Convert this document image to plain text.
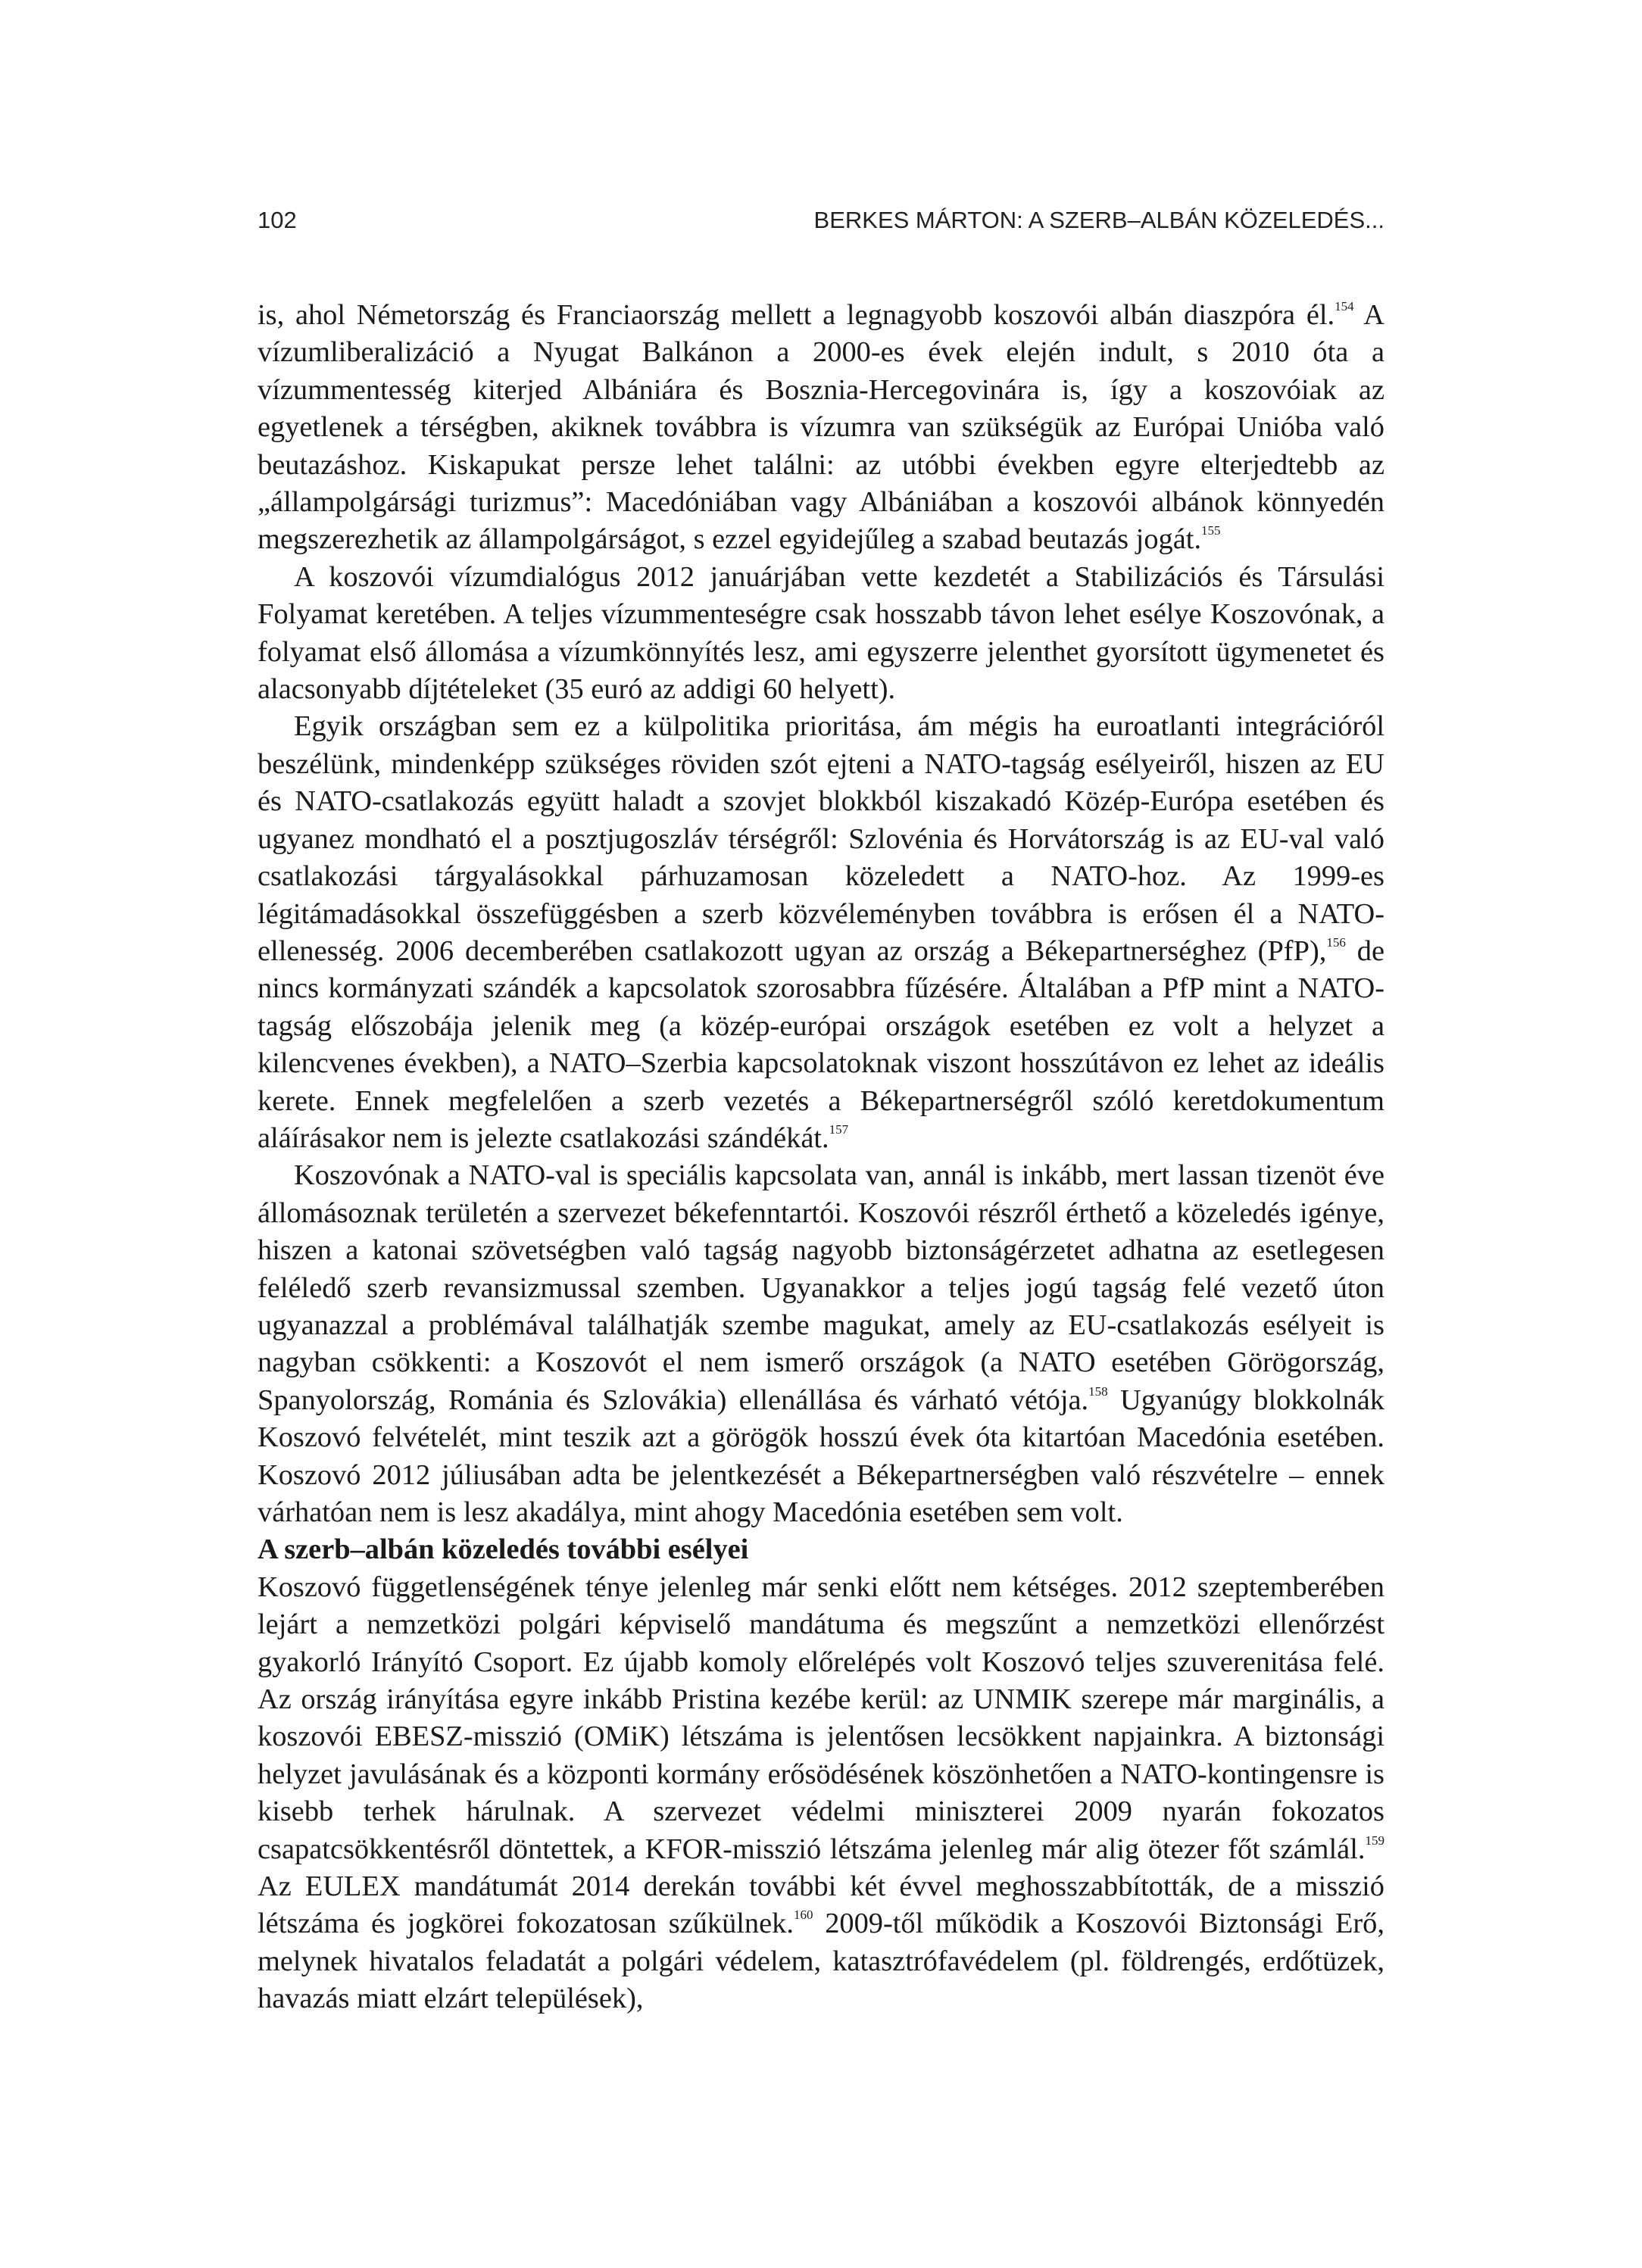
102	BERKES MÁRTON: A SZERB–ALBÁN KÖZELEDÉS...

is, ahol Németország és Franciaország mellett a legnagyobb koszovói albán diaszpóra él.$^{154}$ A vízumliberalizáció a Nyugat Balkánon a 2000-es évek elején indult, s 2010 óta a vízummentesség kiterjed Albániára és Bosznia-Hercegovinára is, így a koszovóiak az egyetlenek a térségben, akiknek továbbra is vízumra van szükségük az Európai Unióba való beutazáshoz. Kiskapukat persze lehet találni: az utóbbi években egyre elterjedtebb az „állampolgársági turizmus”: Macedóniában vagy Albániában a koszovói albánok könnyedén megszerezhetik az állampolgárságot, s ezzel egyidejűleg a szabad beutazás jogát.$^{155}$

A koszovói vízumdialógus 2012 januárjában vette kezdetét a Stabilizációs és Társulási Folyamat keretében. A teljes vízummenteségre csak hosszabb távon lehet esélye Koszovónak, a folyamat első állomása a vízumkönnyítés lesz, ami egyszerre jelenthet gyorsított ügymenetet és alacsonyabb díjtételeket (35 euró az addigi 60 helyett).

Egyik országban sem ez a külpolitika prioritása, ám mégis ha euroatlanti integrációról beszélünk, mindenképp szükséges röviden szót ejteni a NATO-tagság esélyeiről, hiszen az EU és NATO-csatlakozás együtt haladt a szovjet blokkból kiszakadó Közép-Európa esetében és ugyanez mondható el a posztjugoszláv térségről: Szlovénia és Horvátország is az EU-val való csatlakozási tárgyalásokkal párhuzamosan közeledett a NATO-hoz. Az 1999-es légitámadásokkal összefüggésben a szerb közvéleményben továbbra is erősen él a NATO-ellenesség. 2006 decemberében csatlakozott ugyan az ország a Békepartnerséghez (PfP),$^{156}$ de nincs kormányzati szándék a kapcsolatok szorosabbra fűzésére. Általában a PfP mint a NATO-tagság előszobája jelenik meg (a közép-európai országok esetében ez volt a helyzet a kilencvenes években), a NATO–Szerbia kapcsolatoknak viszont hosszútávon ez lehet az ideális kerete. Ennek megfelelően a szerb vezetés a Békepartnerségről szóló keretdokumentum aláírásakor nem is jelezte csatlakozási szándékát.$^{157}$

Koszovónak a NATO-val is speciális kapcsolata van, annál is inkább, mert lassan tizenöt éve állomásoznak területén a szervezet békefenntartói. Koszovói részről érthető a közeledés igénye, hiszen a katonai szövetségben való tagság nagyobb biztonságérzetet adhatna az esetlegesen feléledő szerb revansizmussal szemben. Ugyanakkor a teljes jogú tagság felé vezető úton ugyanazzal a problémával találhatják szembe magukat, amely az EU-csatlakozás esélyeit is nagyban csökkenti: a Koszovót el nem ismerő országok (a NATO esetében Görögország, Spanyolország, Románia és Szlovákia) ellenállása és várható vétója.$^{158}$ Ugyanúgy blokkolnák Koszovó felvételét, mint teszik azt a görögök hosszú évek óta kitartóan Macedónia esetében. Koszovó 2012 júliusában adta be jelentkezését a Békepartnerségben való részvételre – ennek várhatóan nem is lesz akadálya, mint ahogy Macedónia esetében sem volt.

A szerb–albán közeledés további esélyei

Koszovó függetlenségének ténye jelenleg már senki előtt nem kétséges. 2012 szeptemberében lejárt a nemzetközi polgári képviselő mandátuma és megszűnt a nemzetközi ellenőrzést gyakorló Irányító Csoport. Ez újabb komoly előrelépés volt Koszovó teljes szuverenitása felé. Az ország irányítása egyre inkább Pristina kezébe kerül: az UNMIK szerepe már marginális, a koszovói EBESZ-misszió (OMiK) létszáma is jelentősen lecsökkent napjainkra. A biztonsági helyzet javulásának és a központi kormány erősödésének köszönhetően a NATO-kontingensre is kisebb terhek hárulnak. A szervezet védelmi miniszterei 2009 nyarán fokozatos csapatcsökkentésről döntettek, a KFOR-misszió létszáma jelenleg már alig ötezer főt számlál.$^{159}$ Az EULEX mandátumát 2014 derekán további két évvel meghosszabbították, de a misszió létszáma és jogkörei fokozatosan szűkülnek.$^{160}$ 2009-től működik a Koszovói Biztonsági Erő, melynek hivatalos feladatát a polgári védelem, katasztrófavédelem (pl. földrengés, erdőtüzek, havazás miatt elzárt települések),
